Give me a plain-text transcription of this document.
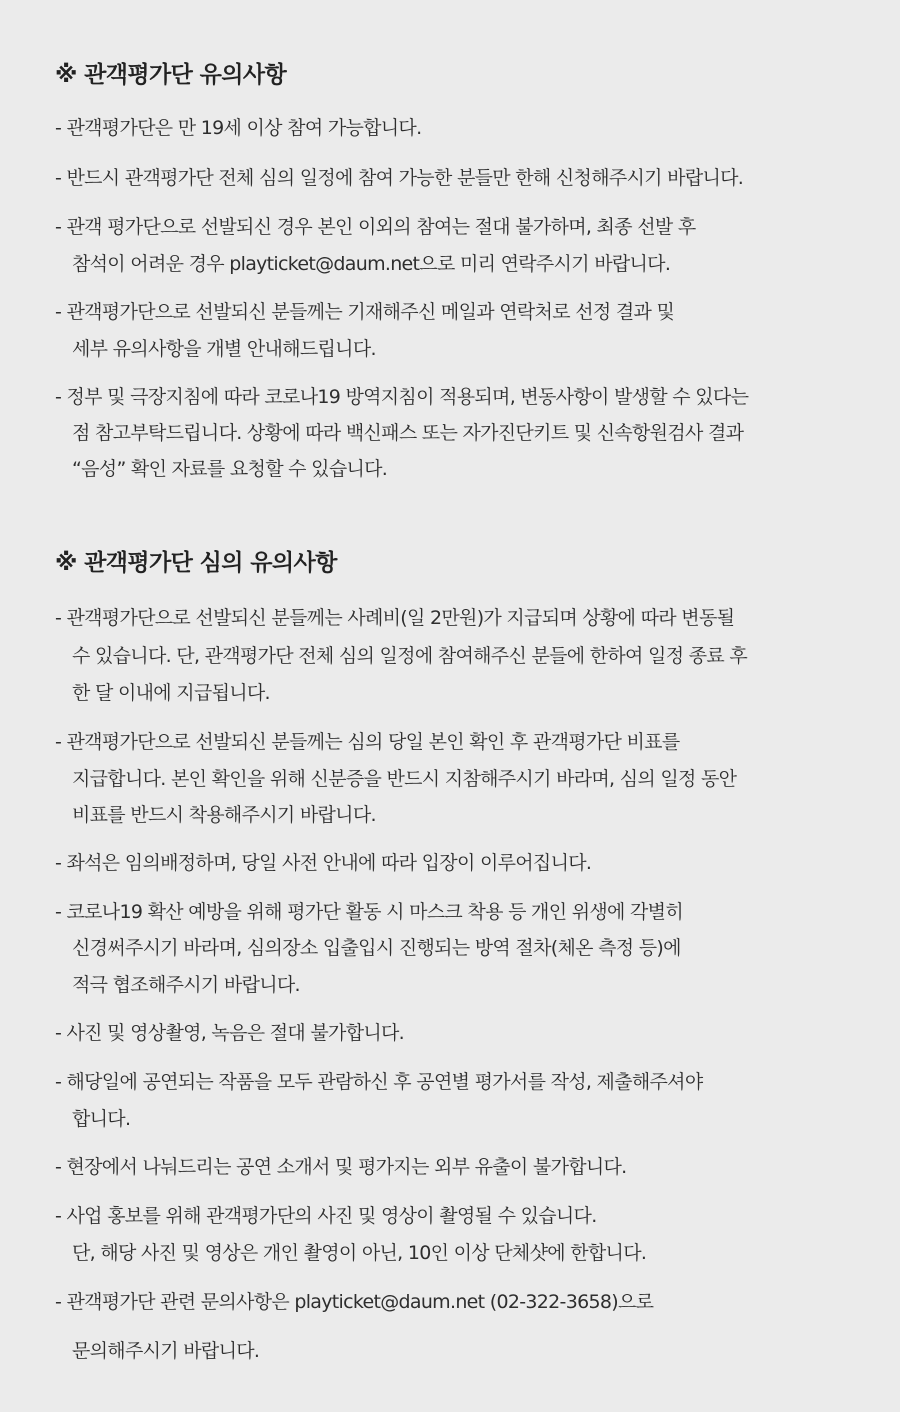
※ 관객평가단 유의사항

- 관객평가단은 만 19세 이상 참여 가능합니다.

- 반드시 관객평가단 전체 심의 일정에 참여 가능한 분들만 한해 신청해주시기 바랍니다.

- 관객 평가단으로 선발되신 경우 본인 이외의 참여는 절대 불가하며, 최종 선발 후

참석이 어려운 경우 playticket@daum.net으로 미리 연락주시기 바랍니다.

- 관객평가단으로 선발되신 분들께는 기재해주신 메일과 연락처로 선정 결과 및

세부 유의사항을 개별 안내해드립니다.

- 정부 및 극장지침에 따라 코로나19 방역지침이 적용되며, 변동사항이 발생할 수 있다는

점 참고부탁드립니다. 상황에 따라 백신패스 또는 자가진단키트 및 신속항원검사 결과

“음성” 확인 자료를 요청할 수 있습니다.

※ 관객평가단 심의 유의사항

- 관객평가단으로 선발되신 분들께는 사례비(일 2만원)가 지급되며 상황에 따라 변동될

수 있습니다. 단, 관객평가단 전체 심의 일정에 참여해주신 분들에 한하여 일정 종료 후

한 달 이내에 지급됩니다.

- 관객평가단으로 선발되신 분들께는 심의 당일 본인 확인 후 관객평가단 비표를

지급합니다. 본인 확인을 위해 신분증을 반드시 지참해주시기 바라며, 심의 일정 동안

비표를 반드시 착용해주시기 바랍니다.

- 좌석은 임의배정하며, 당일 사전 안내에 따라 입장이 이루어집니다.

- 코로나19 확산 예방을 위해 평가단 활동 시 마스크 착용 등 개인 위생에 각별히

신경써주시기 바라며, 심의장소 입출입시 진행되는 방역 절차(체온 측정 등)에

적극 협조해주시기 바랍니다.

- 사진 및 영상촬영, 녹음은 절대 불가합니다.

- 해당일에 공연되는 작품을 모두 관람하신 후 공연별 평가서를 작성, 제출해주셔야

합니다.

- 현장에서 나눠드리는 공연 소개서 및 평가지는 외부 유출이 불가합니다.

- 사업 홍보를 위해 관객평가단의 사진 및 영상이 촬영될 수 있습니다.

단, 해당 사진 및 영상은 개인 촬영이 아닌, 10인 이상 단체샷에 한합니다.

- 관객평가단 관련 문의사항은 playticket@daum.net (02-322-3658)으로

문의해주시기 바랍니다.
